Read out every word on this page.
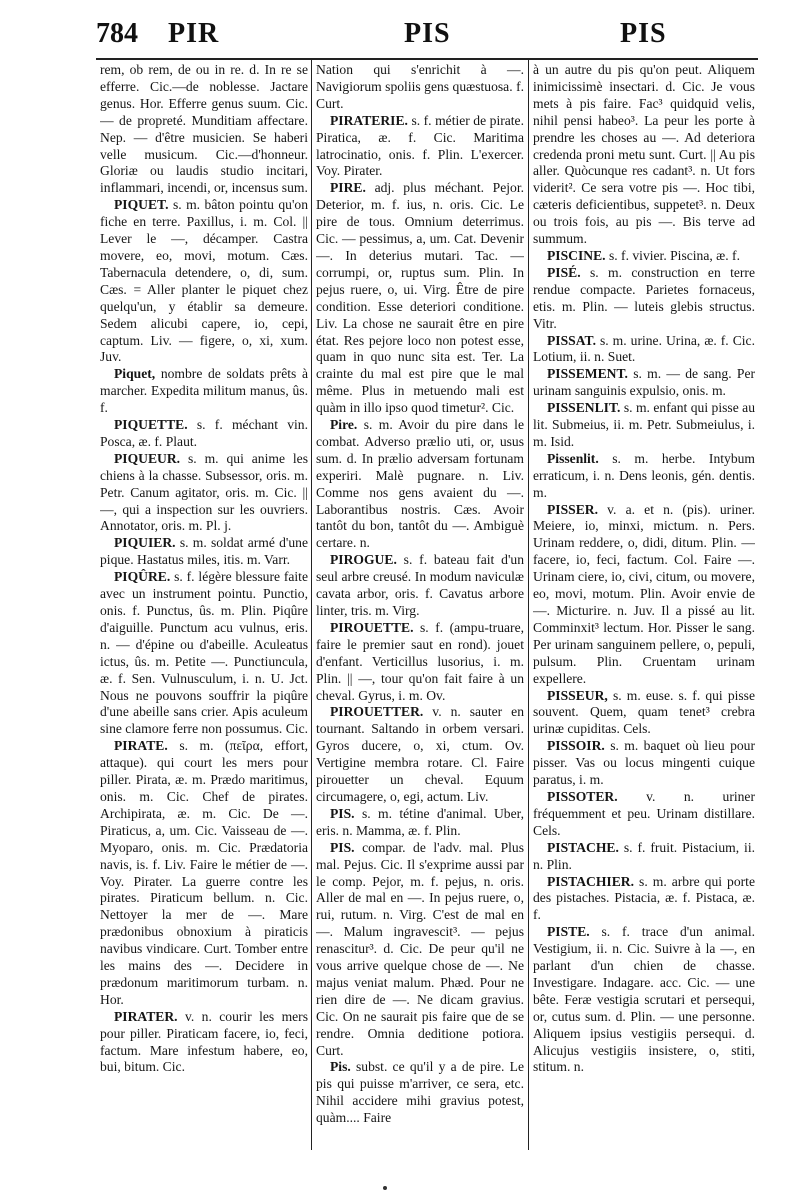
784 PIR	PIS	PIS

rem, ob rem, de ou in re. d. In re se efferre. Cic.—de noblesse. Jactare genus. Hor. Efferre genus suum. Cic. — de propreté. Munditiam affectare. Nep. — d'être musicien. Se haberi velle musicum. Cic.—d'honneur. Gloriæ ou laudis studio incitari, inflammari, incendi, or, incensus sum.

PIQUET. s. m. bâton pointu qu'on fiche en terre. Paxillus, i. m. Col. || Lever le —, décamper. Castra movere, eo, movi, motum. Cæs. Tabernacula detendere, o, di, sum. Cæs. = Aller planter le piquet chez quelqu'un, y établir sa demeure. Sedem alicubi capere, io, cepi, captum. Liv. — figere, o, xi, xum. Juv.

Piquet, nombre de soldats prêts à marcher. Expedita militum manus, ûs. f.

PIQUETTE. s. f. méchant vin. Posca, æ. f. Plaut.

PIQUEUR. s. m. qui anime les chiens à la chasse. Subsessor, oris. m. Petr. Canum agitator, oris. m. Cic. ||—, qui a inspection sur les ouvriers. Annotator, oris. m. Pl. j.

PIQUIER. s. m. soldat armé d'une pique. Hastatus miles, itis. m. Varr.

PIQÛRE. s. f. légère blessure faite avec un instrument pointu. Punctio, onis. f. Punctus, ûs. m. Plin. Piqûre d'aiguille. Punctum acu vulnus, eris. n. — d'épine ou d'abeille. Aculeatus ictus, ûs. m. Petite —. Punctiuncula, æ. f. Sen. Vulnusculum, i. n. U. Jct. Nous ne pouvons souffrir la piqûre d'une abeille sans crier. Apis aculeum sine clamore ferre non possumus. Cic.

PIRATE. s. m. (πεῖρα, effort, attaque). qui court les mers pour piller. Pirata, æ. m. Prædo maritimus, onis. m. Cic. Chef de pirates. Archipirata, æ. m. Cic. De —. Piraticus, a, um. Cic. Vaisseau de —. Myoparo, onis. m. Cic. Prædatoria navis, is. f. Liv. Faire le métier de —. Voy. Pirater. La guerre contre les pirates. Piraticum bellum. n. Cic. Nettoyer la mer de —. Mare prædonibus obnoxium à piraticis navibus vindicare. Curt. Tomber entre les mains des —. Decidere in prædonum maritimorum turbam. n. Hor.

PIRATER. v. n. courir les mers pour piller. Piraticam facere, io, feci, factum. Mare infestum habere, eo, bui, bitum. Cic.

Nation qui s'enrichit à —. Navigiorum spoliis gens quæstuosa. f. Curt.

PIRATERIE. s. f. métier de pirate. Piratica, æ. f. Cic. Maritima latrocinatio, onis. f. Plin. L'exercer. Voy. Pirater.

PIRE. adj. plus méchant. Pejor. Deterior, m. f. ius, n. oris. Cic. Le pire de tous. Omnium deterrimus. Cic. — pessimus, a, um. Cat. Devenir —. In deterius mutari. Tac. — corrumpi, or, ruptus sum. Plin. In pejus ruere, o, ui. Virg. Être de pire condition. Esse deteriori conditione. Liv. La chose ne saurait être en pire état. Res pejore loco non potest esse, quam in quo nunc sita est. Ter. La crainte du mal est pire que le mal même. Plus in metuendo mali est quàm in illo ipso quod timetur². Cic.

Pire. s. m. Avoir du pire dans le combat. Adverso prælio uti, or, usus sum. d. In prælio adversam fortunam experiri. Malè pugnare. n. Liv. Comme nos gens avaient du —. Laborantibus nostris. Cæs. Avoir tantôt du bon, tantôt du —. Ambiguè certare. n.

PIROGUE. s. f. bateau fait d'un seul arbre creusé. In modum naviculæ cavata arbor, oris. f. Cavatus arbore linter, tris. m. Virg.

PIROUETTE. s. f. (ampu-truare, faire le premier saut en rond). jouet d'enfant. Verticillus lusorius, i. m. Plin. || —, tour qu'on fait faire à un cheval. Gyrus, i. m. Ov.

PIROUETTER. v. n. sauter en tournant. Saltando in orbem versari. Gyros ducere, o, xi, ctum. Ov. Vertigine membra rotare. Cl. Faire pirouetter un cheval. Equum circumagere, o, egi, actum. Liv.

PIS. s. m. tétine d'animal. Uber, eris. n. Mamma, æ. f. Plin.

PIS. compar. de l'adv. mal. Plus mal. Pejus. Cic. Il s'exprime aussi par le comp. Pejor, m. f. pejus, n. oris. Aller de mal en —. In pejus ruere, o, rui, rutum. n. Virg. C'est de mal en —. Malum ingravescit³. — pejus renascitur³. d. Cic. De peur qu'il ne vous arrive quelque chose de —. Ne majus veniat malum. Phæd. Pour ne rien dire de —. Ne dicam gravius. Cic. On ne saurait pis faire que de se rendre. Omnia deditione potiora. Curt.

Pis. subst. ce qu'il y a de pire. Le pis qui puisse m'arriver, ce sera, etc. Nihil accidere mihi gravius potest, quàm.... Faire

à un autre du pis qu'on peut. Aliquem inimicissimè insectari. d. Cic. Je vous mets à pis faire. Fac³ quidquid velis, nihil pensi habeo³. La peur les porte à prendre les choses au —. Ad deteriora credenda proni metu sunt. Curt. || Au pis aller. Quòcunque res cadant³. n. Ut fors viderit². Ce sera votre pis —. Hoc tibi, cæteris deficientibus, suppetet³. n. Deux ou trois fois, au pis —. Bis terve ad summum.

PISCINE. s. f. vivier. Piscina, æ. f.

PISÉ. s. m. construction en terre rendue compacte. Parietes fornaceus, etis. m. Plin. — luteis glebis structus. Vitr.

PISSAT. s. m. urine. Urina, æ. f. Cic. Lotium, ii. n. Suet.

PISSEMENT. s. m. — de sang. Per urinam sanguinis expulsio, onis. m.

PISSENLIT. s. m. enfant qui pisse au lit. Submeius, ii. m. Petr. Submeiulus, i. m. Isid.

Pissenlit. s. m. herbe. Intybum erraticum, i. n. Dens leonis, gén. dentis. m.

PISSER. v. a. et n. (pis). uriner. Meiere, io, minxi, mictum. n. Pers. Urinam reddere, o, didi, ditum. Plin. — facere, io, feci, factum. Col. Faire —. Urinam ciere, io, civi, citum, ou movere, eo, movi, motum. Plin. Avoir envie de —. Micturire. n. Juv. Il a pissé au lit. Comminxit³ lectum. Hor. Pisser le sang. Per urinam sanguinem pellere, o, pepuli, pulsum. Plin. Cruentam urinam expellere.

PISSEUR, s. m. euse. s. f. qui pisse souvent. Quem, quam tenet³ crebra urinæ cupiditas. Cels.

PISSOIR. s. m. baquet où lieu pour pisser. Vas ou locus mingenti cuique paratus, i. m.

PISSOTER. v. n. uriner fréquemment et peu. Urinam distillare. Cels.

PISTACHE. s. f. fruit. Pistacium, ii. n. Plin.

PISTACHIER. s. m. arbre qui porte des pistaches. Pistacia, æ. f. Pistaca, æ. f.

PISTE. s. f. trace d'un animal. Vestigium, ii. n. Cic. Suivre à la —, en parlant d'un chien de chasse. Investigare. Indagare. acc. Cic. — une bête. Feræ vestigia scrutari et persequi, or, cutus sum. d. Plin. — une personne. Aliquem ipsius vestigiis persequi. d. Alicujus vestigiis insistere, o, stiti, stitum. n.
